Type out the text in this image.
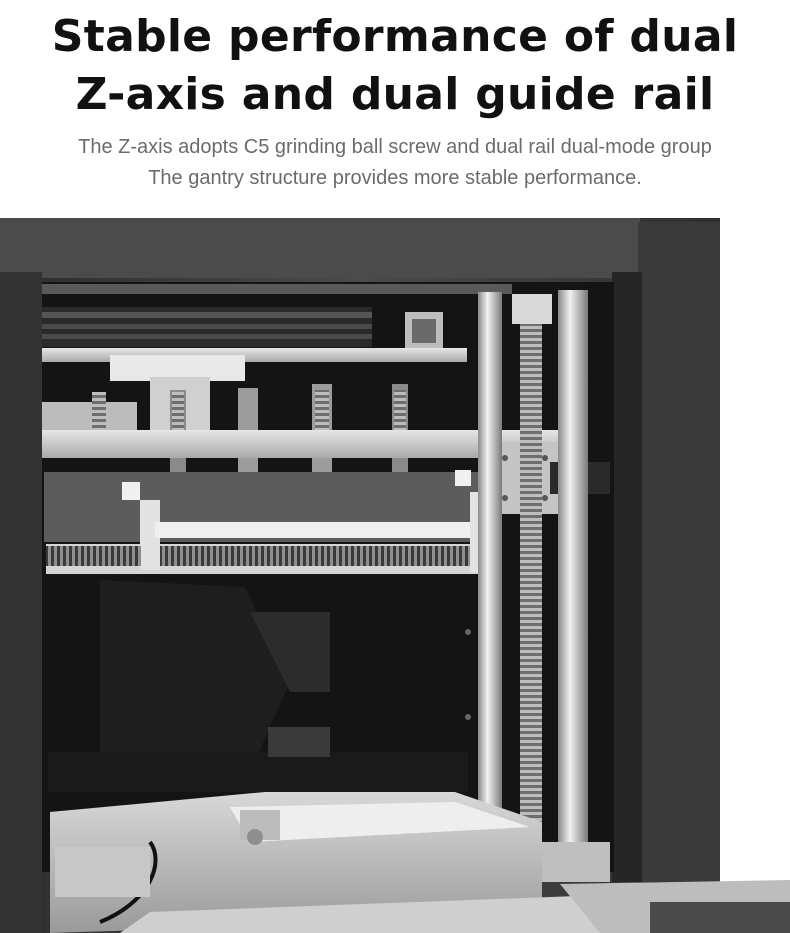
Stable performance of dual
Z-axis and dual guide rail
The Z-axis adopts C5 grinding ball screw and dual rail dual-mode group
The gantry structure provides more stable performance.
